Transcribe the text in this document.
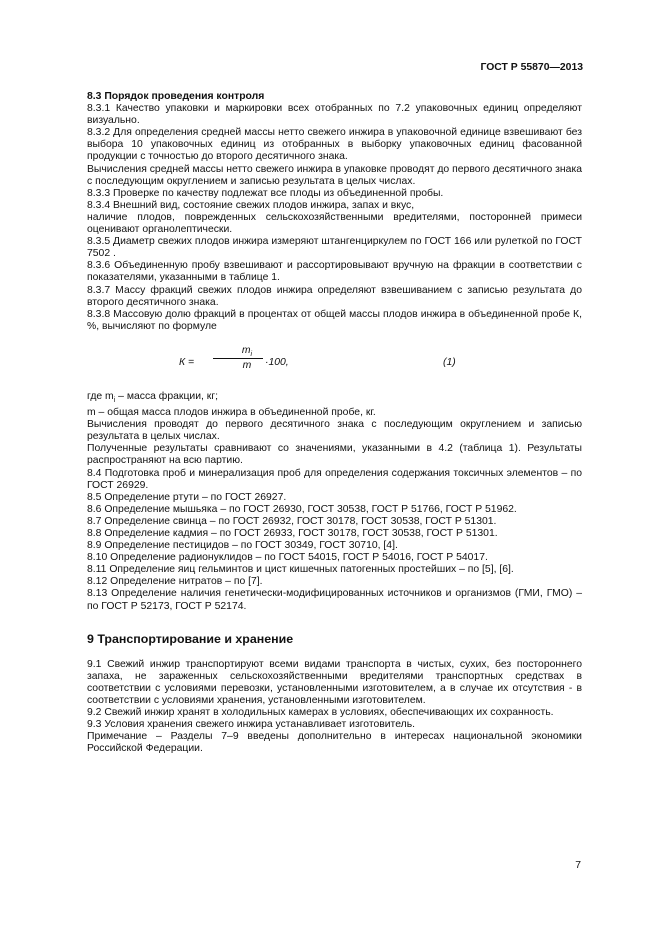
ГОСТ Р 55870—2013

8.3 Порядок проведения контроля

8.3.1 Качество упаковки и маркировки всех отобранных по 7.2 упаковочных единиц определяют визуально.

8.3.2 Для определения средней массы нетто свежего инжира в упаковочной единице взвешивают без выбора 10 упаковочных единиц из отобранных в выборку упаковочных единиц фасованной продукции с точностью до второго десятичного знака.

Вычисления средней массы нетто свежего инжира в упаковке проводят до первого десятичного знака с последующим округлением и записью результата в целых числах.

8.3.3 Проверке по качеству подлежат все плоды из объединенной пробы.

8.3.4 Внешний вид, состояние свежих плодов инжира, запах и вкус,

наличие плодов, поврежденных сельскохозяйственными вредителями, посторонней примеси оценивают органолептически.

8.3.5 Диаметр свежих плодов инжира измеряют штангенциркулем по ГОСТ 166 или рулеткой по ГОСТ 7502 .

8.3.6 Объединенную пробу взвешивают и рассортировывают вручную на фракции в соответствии с показателями, указанными в таблице 1.

8.3.7 Массу фракций свежих плодов инжира определяют взвешиванием с записью результата до второго десятичного знака.

8.3.8 Массовую долю фракций в процентах от общей массы плодов инжира в объединенной пробе К, %, вычисляют по формуле

К =
$m_i$
m	·100,	(1)

где $m_i$ – масса фракции, кг;

m – общая масса плодов инжира в объединенной пробе, кг.

Вычисления проводят до первого десятичного знака с последующим округлением и записью результата в целых числах.

Полученные результаты сравнивают со значениями, указанными в 4.2 (таблица 1). Результаты распространяют на всю партию.

8.4 Подготовка проб и минерализация проб для определения содержания токсичных элементов – по ГОСТ 26929.

8.5 Определение ртути – по ГОСТ 26927.

8.6 Определение мышьяка – по ГОСТ 26930, ГОСТ 30538, ГОСТ Р 51766, ГОСТ Р 51962.

8.7 Определение свинца – по ГОСТ 26932, ГОСТ 30178, ГОСТ 30538, ГОСТ Р 51301.

8.8 Определение кадмия – по ГОСТ 26933, ГОСТ 30178, ГОСТ 30538, ГОСТ Р 51301.

8.9 Определение пестицидов – по ГОСТ 30349, ГОСТ 30710, [4].

8.10 Определение радионуклидов – по ГОСТ 54015, ГОСТ Р 54016, ГОСТ Р 54017.

8.11 Определение яиц гельминтов и цист кишечных патогенных простейших – по [5], [6].

8.12 Определение нитратов – по [7].

8.13 Определение наличия генетически-модифицированных источников и организмов (ГМИ, ГМО) – по ГОСТ Р 52173, ГОСТ Р 52174.

9 Транспортирование и хранение

9.1 Свежий инжир транспортируют всеми видами транспорта в чистых, сухих, без постороннего запаха, не зараженных сельскохозяйственными вредителями транспортных средствах в соответствии с условиями перевозки, установленными изготовителем, а в случае их отсутствия - в соответствии с условиями хранения, установленными изготовителем.

9.2 Свежий инжир хранят в холодильных камерах в условиях, обеспечивающих их сохранность.

9.3 Условия хранения свежего инжира устанавливает изготовитель.

Примечание – Разделы 7–9 введены дополнительно в интересах национальной экономики Российской Федерации.

7
